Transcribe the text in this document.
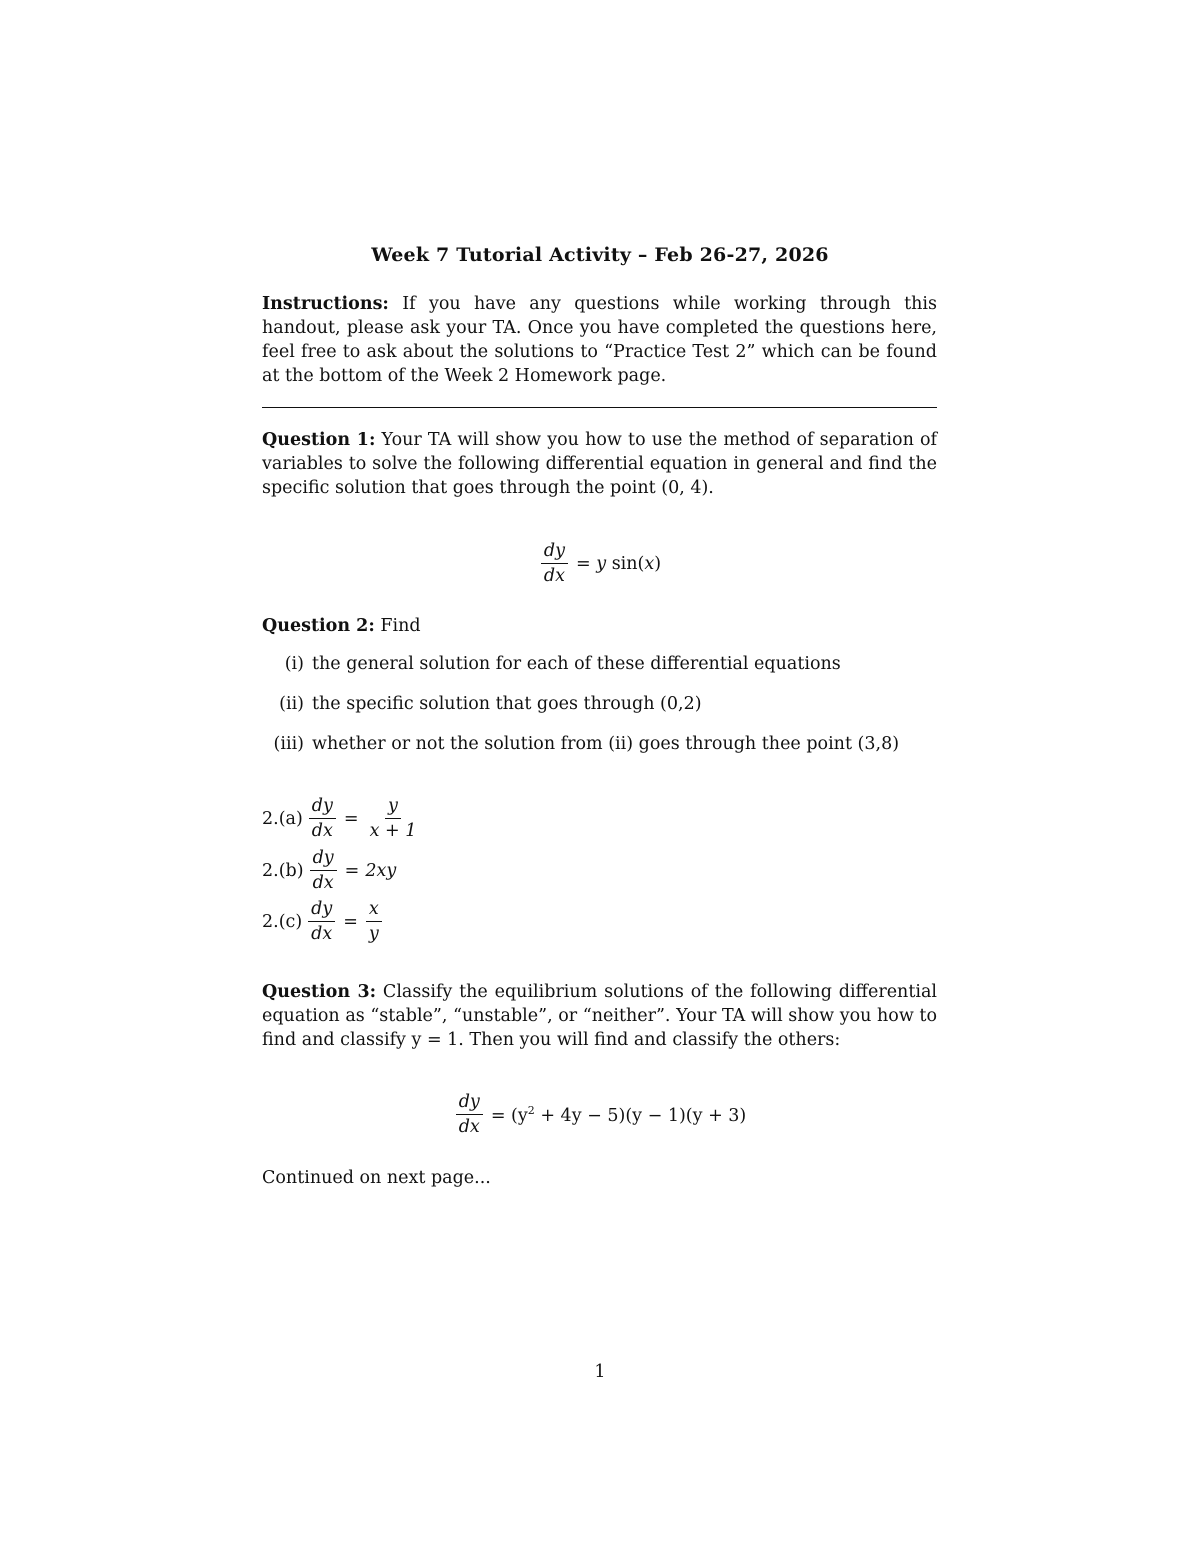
Week 7 Tutorial Activity – Feb 26-27, 2026
Instructions: If you have any questions while working through this handout, please ask your TA. Once you have completed the questions here, feel free to ask about the solutions to “Practice Test 2” which can be found at the bottom of the Week 2 Homework page.
Question 1: Your TA will show you how to use the method of separation of variables to solve the following differential equation in general and find the specific solution that goes through the point (0, 4).
$\frac{dy}{dx} = y$ sin(x)
Question 2: Find
(i) the general solution for each of these differential equations
(ii) the specific solution that goes through (0,2)
(iii) whether or not the solution from (ii) goes through thee point (3,8)
$2.(a) \frac{dy}{dx} = \frac{y}{x + 1}$
$2.(b) \frac{dy}{dx} = 2xy$
$2.(c) \frac{dy}{dx} = \frac{x}{y}$
Question 3: Classify the equilibrium solutions of the following differential equation as “stable”, “unstable”, or “neither”. Your TA will show you how to find and classify y = 1. Then you will find and classify the others:
$\frac{dy}{dx} = (y^2 + 4y - 5)(y - 1)(y + 3)$
Continued on next page...
1
